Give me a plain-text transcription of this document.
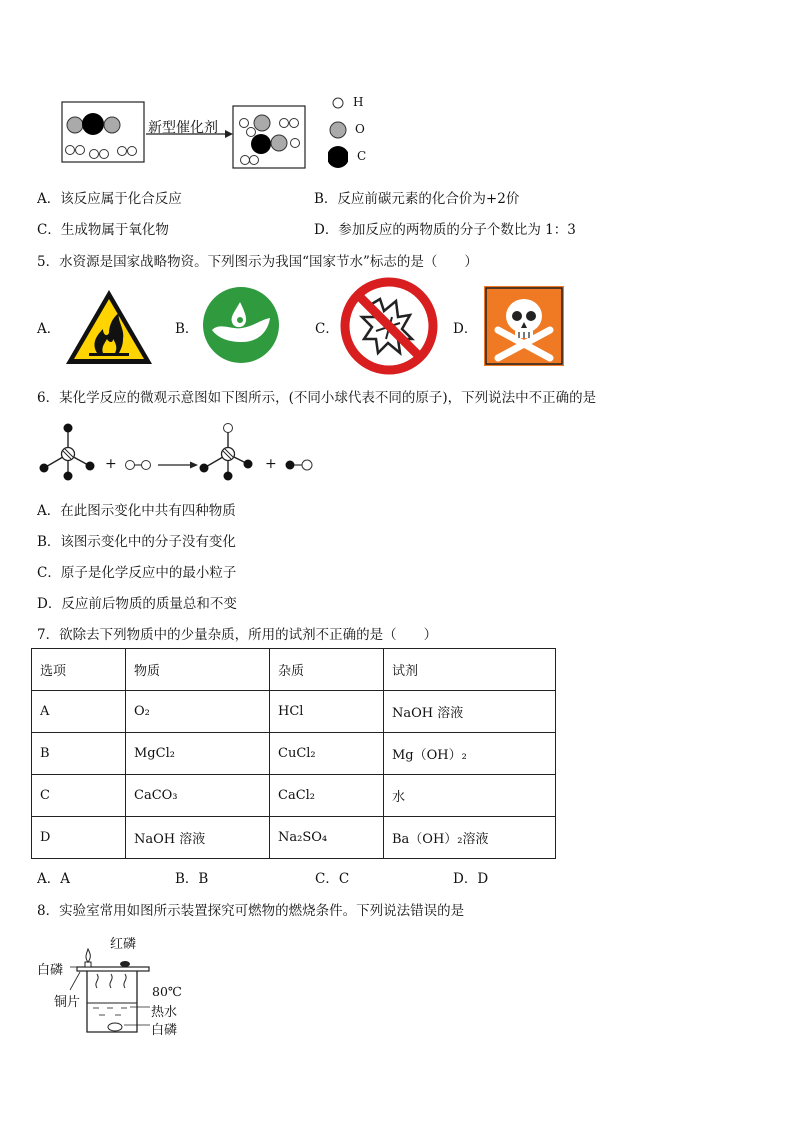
新型催化剂
H
O
C
A．该反应属于化合反应	B．反应前碳元素的化合价为+2价
C．生成物属于氧化物	D．参加反应的两物质的分子个数比为 1：3
5．水资源是国家战略物资。下列图示为我国“国家节水”标志的是（　　）
A．	B．	C．	D．
6．某化学反应的微观示意图如下图所示，(不同小球代表不同的原子)，下列说法中不正确的是
+	+
A．在此图示变化中共有四种物质
B．该图示变化中的分子没有变化
C．原子是化学反应中的最小粒子
D．反应前后物质的质量总和不变
7．欲除去下列物质中的少量杂质，所用的试剂不正确的是（　　）
选项	物质	杂质	试剂
A	O₂	HCl	NaOH 溶液
B	MgCl₂	CuCl₂	Mg（OH）₂
C	CaCO₃	CaCl₂	水
D	NaOH 溶液	Na₂SO₄	Ba（OH）₂溶液
A．A	B．B	C．C	D．D
8．实验室常用如图所示装置探究可燃物的燃烧条件。下列说法错误的是
红磷
白磷
铜片
80℃
热水
白磷
